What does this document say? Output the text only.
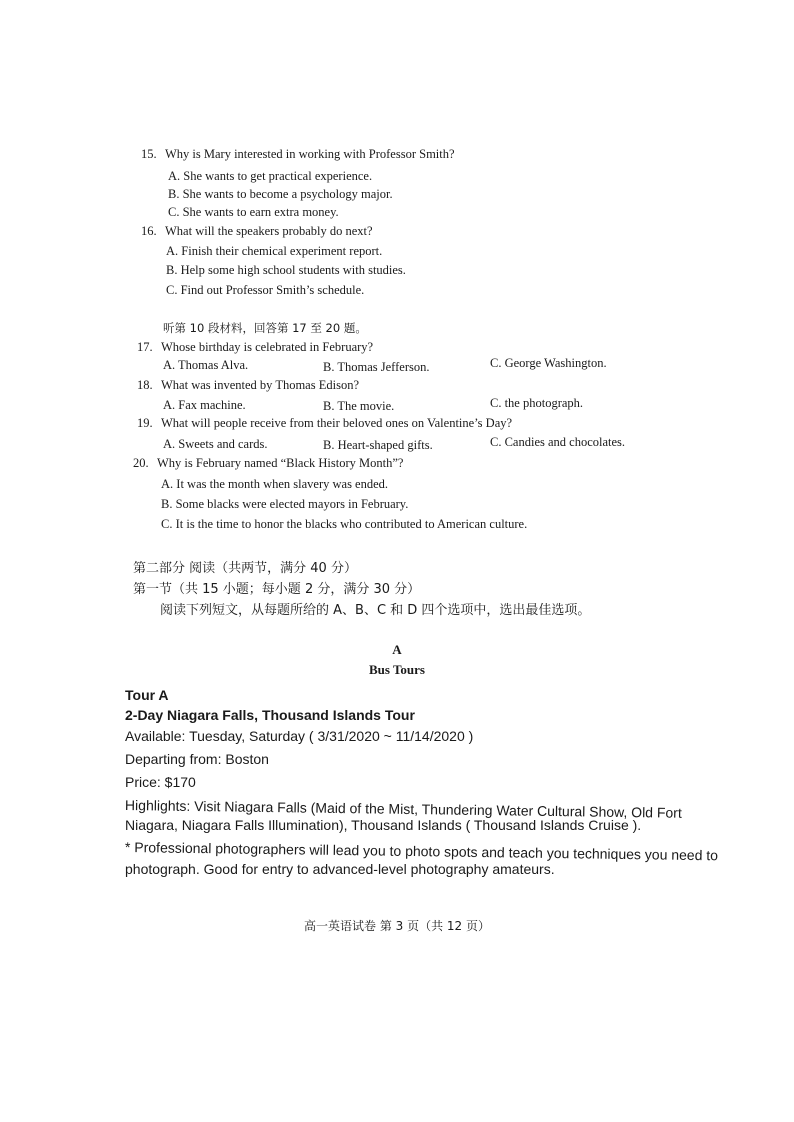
15. Why is Mary interested in working with Professor Smith?
A. She wants to get practical experience.
B. She wants to become a psychology major.
C. She wants to earn extra money.
16. What will the speakers probably do next?
A. Finish their chemical experiment report.
B. Help some high school students with studies.
C. Find out Professor Smith’s schedule.
听第 10 段材料，回答第 17 至 20 题。
17. Whose birthday is celebrated in February?
A. Thomas Alva.	B. Thomas Jefferson.	C. George Washington.
18. What was invented by Thomas Edison?
A. Fax machine.	B. The movie.	C. the photograph.
19. What will people receive from their beloved ones on Valentine’s Day?
A. Sweets and cards.	B. Heart-shaped gifts.	C. Candies and chocolates.
20. Why is February named “Black History Month”?
A. It was the month when slavery was ended.
B. Some blacks were elected mayors in February.
C. It is the time to honor the blacks who contributed to American culture.
第二部分 阅读（共两节，满分 40 分）
第一节（共 15 小题；每小题 2 分，满分 30 分）
阅读下列短文，从每题所给的 A、B、C 和 D 四个选项中，选出最佳选项。
A
Bus Tours
Tour A
2-Day Niagara Falls, Thousand Islands Tour
Available: Tuesday, Saturday ( 3/31/2020 ~ 11/14/2020 )
Departing from: Boston
Price: $170
Highlights: Visit Niagara Falls (Maid of the Mist, Thundering Water Cultural Show, Old Fort
Niagara, Niagara Falls Illumination), Thousand Islands ( Thousand Islands Cruise ).
* Professional photographers will lead you to photo spots and teach you techniques you need to
photograph. Good for entry to advanced-level photography amateurs.
高一英语试卷 第 3 页（共 12 页）
